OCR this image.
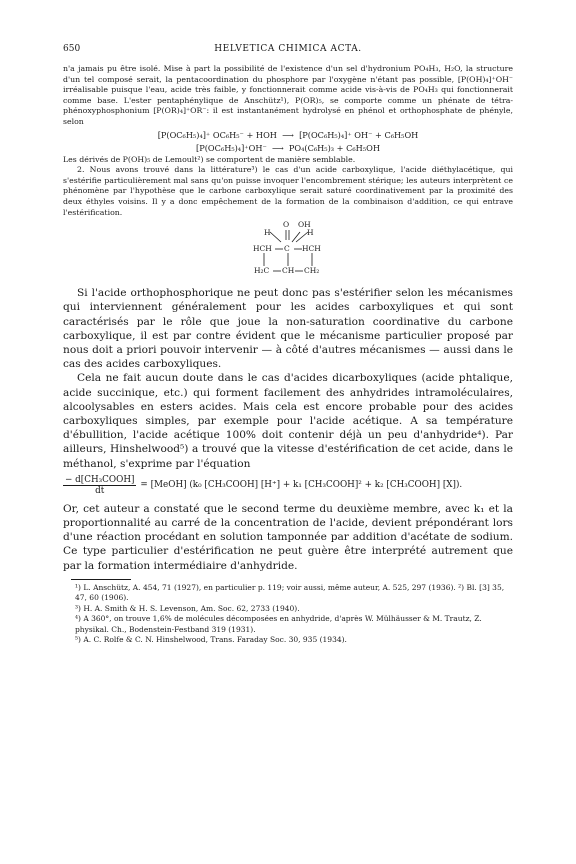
650	HELVETICA CHIMICA ACTA.

n'a jamais pu être isolé. Mise à part la possibilité de l'existence d'un sel d'hydronium PO₄H₃, H₂O, la structure d'un tel composé serait, la pentacoordination du phosphore par l'oxygène n'étant pas possible, [P(OH)₄]⁺OH⁻ irréalisable puisque l'eau, acide très faible, y fonctionnerait comme acide vis-à-vis de PO₄H₃ qui fonctionnerait comme base. L'ester pentaphénylique de Anschütz¹), P(OR)₅, se comporte comme un phénate de tétra-phénoxyphosphonium [P(OR)₄]⁺OR⁻: il est instantanément hydrolysé en phénol et orthophosphate de phényle, selon

[P(OC₆H₅)₄]⁺ OC₆H₅⁻ + HOH  ⟶  [P(OC₆H₅)₄]⁺ OH⁻ + C₆H₅OH
[P(OC₆H₅)₄]⁺OH⁻  ⟶  PO₄(C₆H₅)₃ + C₆H₅OH

Les dérivés de P(OH)₅ de Lemoult²) se comportent de manière semblable.

2. Nous avons trouvé dans la littérature³) le cas d'un acide carboxylique, l'acide diéthylacétique, qui s'estérifie particulièrement mal sans qu'on puisse invoquer l'encombrement stérique; les auteurs interprètent ce phénomène par l'hypothèse que le carbone carboxylique serait saturé coordinativement par la proximité des deux éthyles voisins. Il y a donc empêchement de la formation de la combinaison d'addition, ce qui entrave l'estérification.

O OH
H	H
HCH C HCH
H₂C CH CH₂

Si l'acide orthophosphorique ne peut donc pas s'estérifier selon les mécanismes qui interviennent généralement pour les acides carboxyliques et qui sont caractérisés par le rôle que joue la non-saturation coordinative du carbone carboxylique, il est par contre évident que le mécanisme particulier proposé par nous doit a priori pouvoir intervenir — à côté d'autres mécanismes — aussi dans le cas des acides carboxyliques.

Cela ne fait aucun doute dans le cas d'acides dicarboxyliques (acide phtalique, acide succinique, etc.) qui forment facilement des anhydrides intramoléculaires, alcoolysables en esters acides. Mais cela est encore probable pour des acides carboxyliques simples, par exemple pour l'acide acétique. A sa température d'ébullition, l'acide acétique 100% doit contenir déjà un peu d'anhydride⁴). Par ailleurs, Hinshelwood⁵) a trouvé que la vitesse d'estérification de cet acide, dans le méthanol, s'exprime par l'équation

$\frac{\text{− d[CH₃COOH]}}{dt}$ = [MeOH] (k₀ [CH₃COOH] [H⁺] + k₁ [CH₃COOH]² + k₂ [CH₃COOH] [X]).

Or, cet auteur a constaté que le second terme du deuxième membre, avec k₁ et la proportionnalité au carré de la concentration de l'acide, devient prépondérant lors d'une réaction procédant en solution tamponnée par addition d'acétate de sodium. Ce type particulier d'estérification ne peut guère être interprété autrement que par la formation intermédiaire d'anhydride.

¹) L. Anschütz, A. 454, 71 (1927), en particulier p. 119; voir aussi, même auteur, A. 525, 297 (1936). ²) Bl. [3] 35, 47, 60 (1906).

³) H. A. Smith & H. S. Levenson, Am. Soc. 62, 2733 (1940).

⁴) A 360°, on trouve 1,6% de molécules décomposées en anhydride, d'après W. Mülhäusser & M. Trautz, Z. physikal. Ch., Bodenstein-Festband 319 (1931).

⁵) A. C. Rolfe & C. N. Hinshelwood, Trans. Faraday Soc. 30, 935 (1934).
